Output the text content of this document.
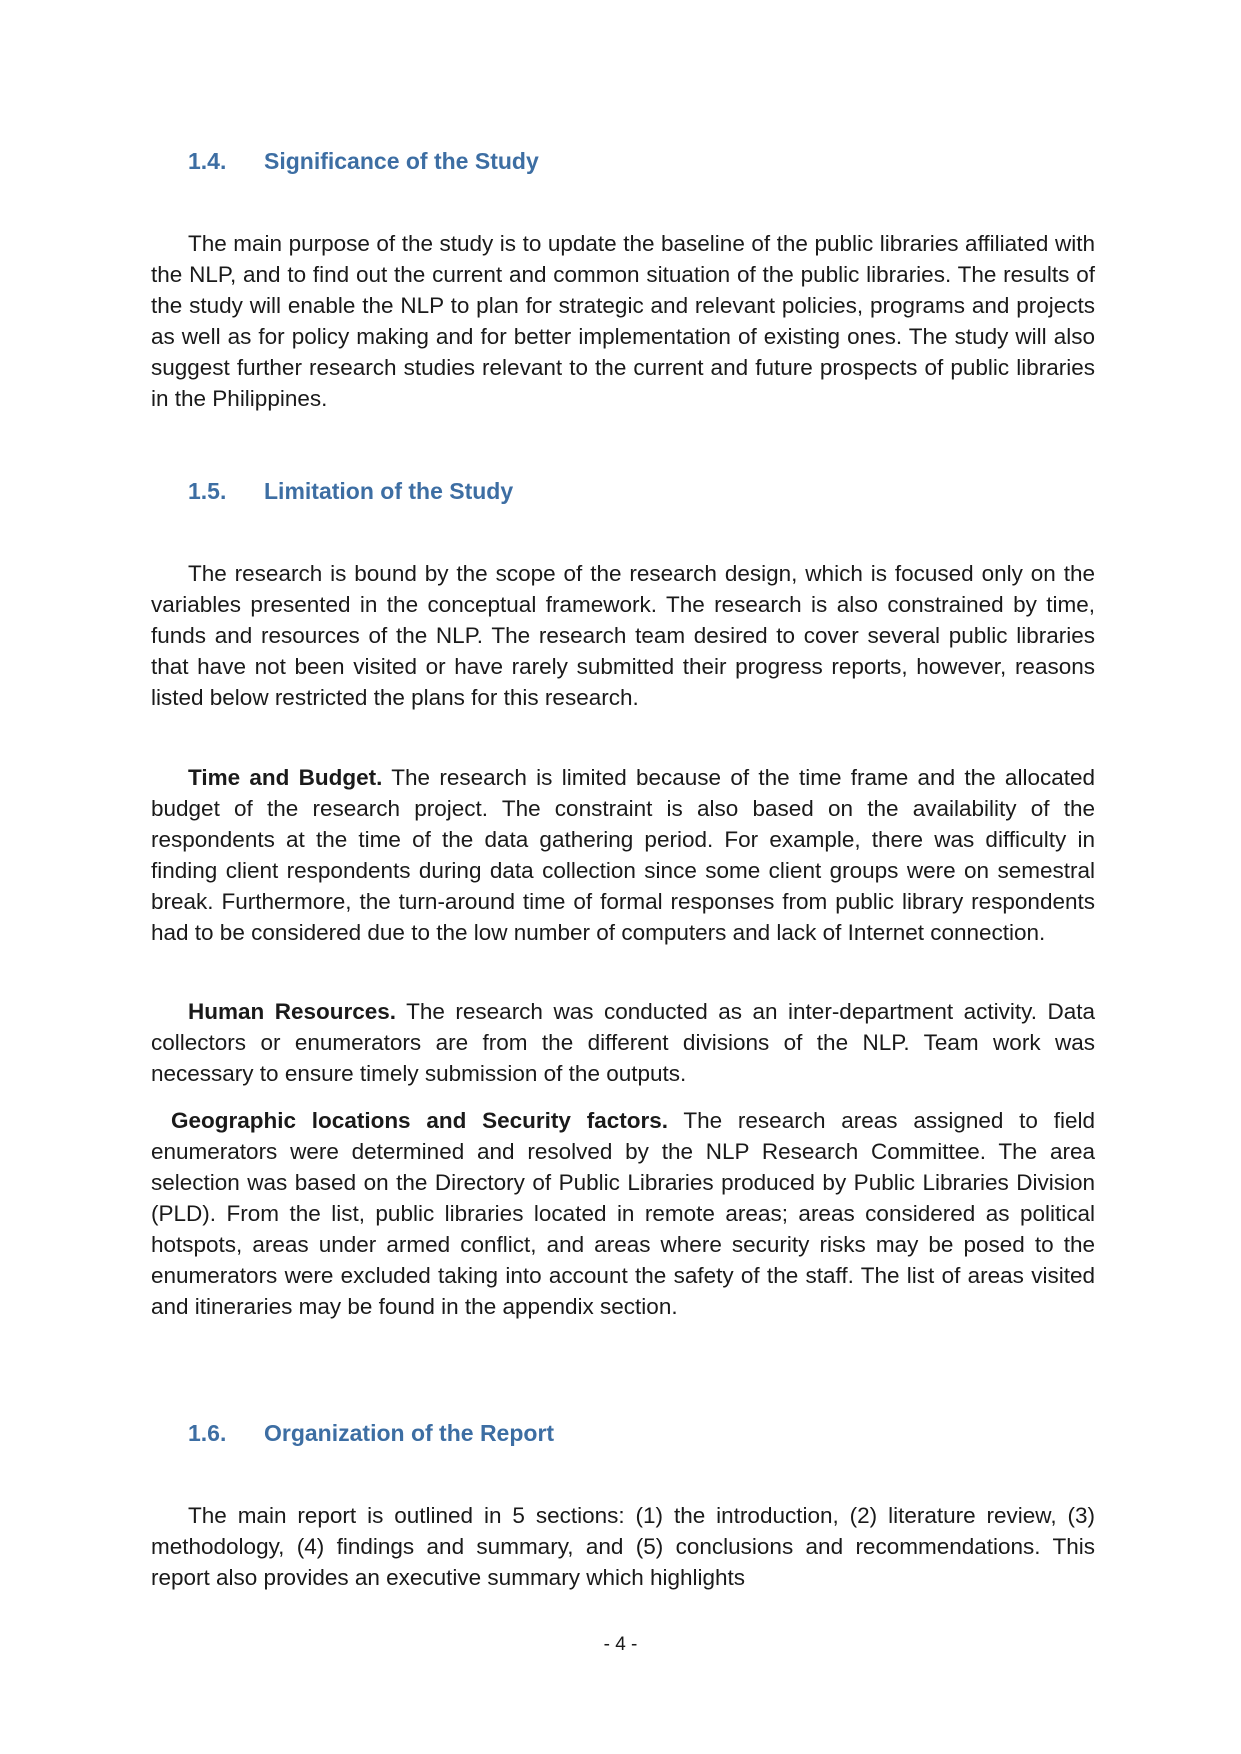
1.4. Significance of the Study

The main purpose of the study is to update the baseline of the public libraries affiliated with the NLP, and to find out the current and common situation of the public libraries. The results of the study will enable the NLP to plan for strategic and relevant policies, programs and projects as well as for policy making and for better implementation of existing ones. The study will also suggest further research studies relevant to the current and future prospects of public libraries in the Philippines.

1.5. Limitation of the Study

The research is bound by the scope of the research design, which is focused only on the variables presented in the conceptual framework. The research is also constrained by time, funds and resources of the NLP. The research team desired to cover several public libraries that have not been visited or have rarely submitted their progress reports, however, reasons listed below restricted the plans for this research.

Time and Budget. The research is limited because of the time frame and the allocated budget of the research project. The constraint is also based on the availability of the respondents at the time of the data gathering period. For example, there was difficulty in finding client respondents during data collection since some client groups were on semestral break. Furthermore, the turn-around time of formal responses from public library respondents had to be considered due to the low number of computers and lack of Internet connection.

Human Resources. The research was conducted as an inter-department activity. Data collectors or enumerators are from the different divisions of the NLP. Team work was necessary to ensure timely submission of the outputs.

Geographic locations and Security factors. The research areas assigned to field enumerators were determined and resolved by the NLP Research Committee. The area selection was based on the Directory of Public Libraries produced by Public Libraries Division (PLD). From the list, public libraries located in remote areas; areas considered as political hotspots, areas under armed conflict, and areas where security risks may be posed to the enumerators were excluded taking into account the safety of the staff. The list of areas visited and itineraries may be found in the appendix section.

1.6. Organization of the Report

The main report is outlined in 5 sections: (1) the introduction, (2) literature review, (3) methodology, (4) findings and summary, and (5) conclusions and recommendations. This report also provides an executive summary which highlights

- 4 -
